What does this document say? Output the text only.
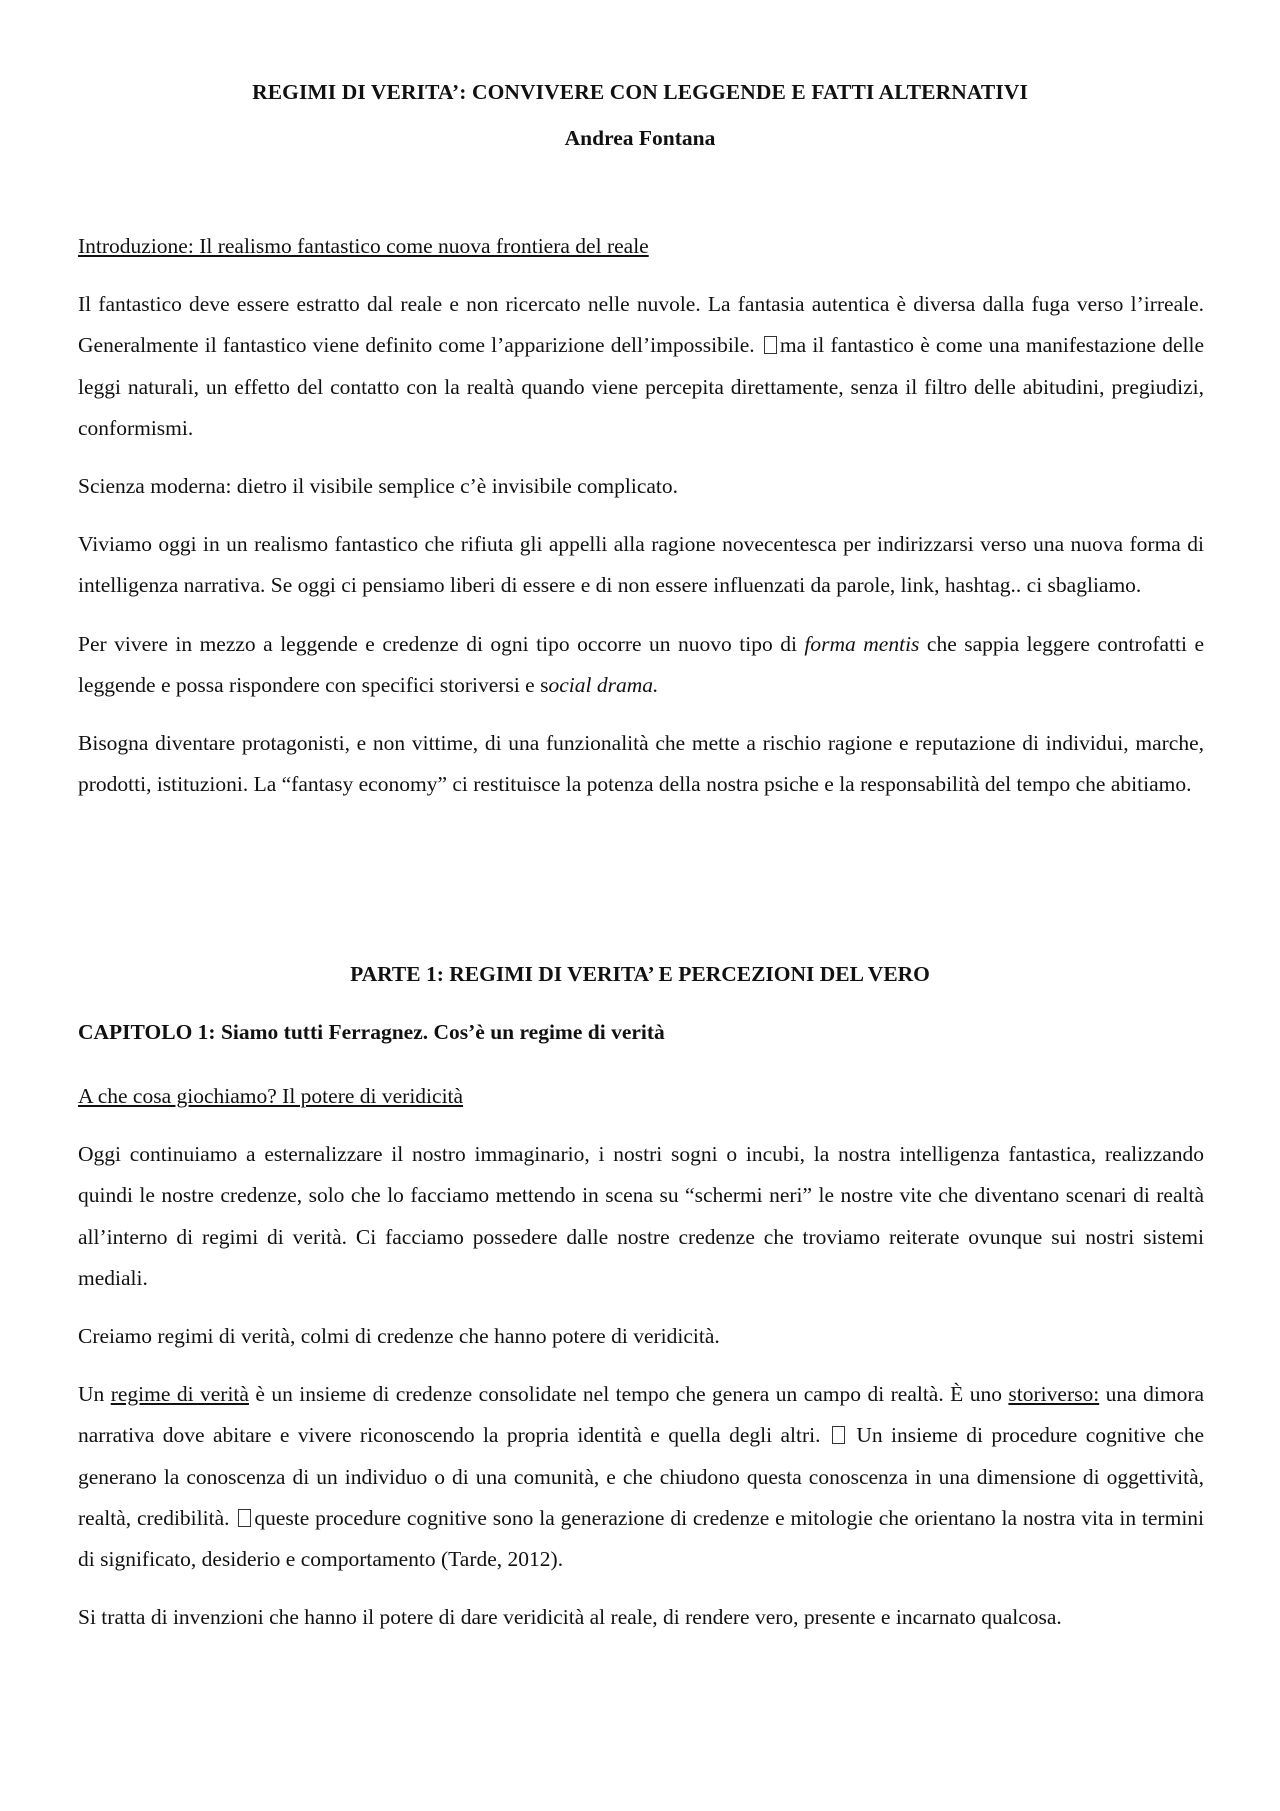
REGIMI DI VERITA’: CONVIVERE CON LEGGENDE E FATTI ALTERNATIVI
Andrea Fontana

Introduzione: Il realismo fantastico come nuova frontiera del reale

Il fantastico deve essere estratto dal reale e non ricercato nelle nuvole. La fantasia autentica è diversa dalla fuga verso l’irreale. Generalmente il fantastico viene definito come l’apparizione dell’impossibile. ma il fantastico è come una manifestazione delle leggi naturali, un effetto del contatto con la realtà quando viene percepita direttamente, senza il filtro delle abitudini, pregiudizi, conformismi.

Scienza moderna: dietro il visibile semplice c’è invisibile complicato.

Viviamo oggi in un realismo fantastico che rifiuta gli appelli alla ragione novecentesca per indirizzarsi verso una nuova forma di intelligenza narrativa. Se oggi ci pensiamo liberi di essere e di non essere influenzati da parole, link, hashtag.. ci sbagliamo.

Per vivere in mezzo a leggende e credenze di ogni tipo occorre un nuovo tipo di forma mentis che sappia leggere controfatti e leggende e possa rispondere con specifici storiversi e social drama.

Bisogna diventare protagonisti, e non vittime, di una funzionalità che mette a rischio ragione e reputazione di individui, marche, prodotti, istituzioni. La “fantasy economy” ci restituisce la potenza della nostra psiche e la responsabilità del tempo che abitiamo.

PARTE 1: REGIMI DI VERITA’ E PERCEZIONI DEL VERO
CAPITOLO 1: Siamo tutti Ferragnez. Cos’è un regime di verità

A che cosa giochiamo? Il potere di veridicità

Oggi continuiamo a esternalizzare il nostro immaginario, i nostri sogni o incubi, la nostra intelligenza fantastica, realizzando quindi le nostre credenze, solo che lo facciamo mettendo in scena su “schermi neri” le nostre vite che diventano scenari di realtà all’interno di regimi di verità. Ci facciamo possedere dalle nostre credenze che troviamo reiterate ovunque sui nostri sistemi mediali.

Creiamo regimi di verità, colmi di credenze che hanno potere di veridicità.

Un regime di verità è un insieme di credenze consolidate nel tempo che genera un campo di realtà. È uno storiverso: una dimora narrativa dove abitare e vivere riconoscendo la propria identità e quella degli altri. Un insieme di procedure cognitive che generano la conoscenza di un individuo o di una comunità, e che chiudono questa conoscenza in una dimensione di oggettività, realtà, credibilità. queste procedure cognitive sono la generazione di credenze e mitologie che orientano la nostra vita in termini di significato, desiderio e comportamento (Tarde, 2012).

Si tratta di invenzioni che hanno il potere di dare veridicità al reale, di rendere vero, presente e incarnato qualcosa.
